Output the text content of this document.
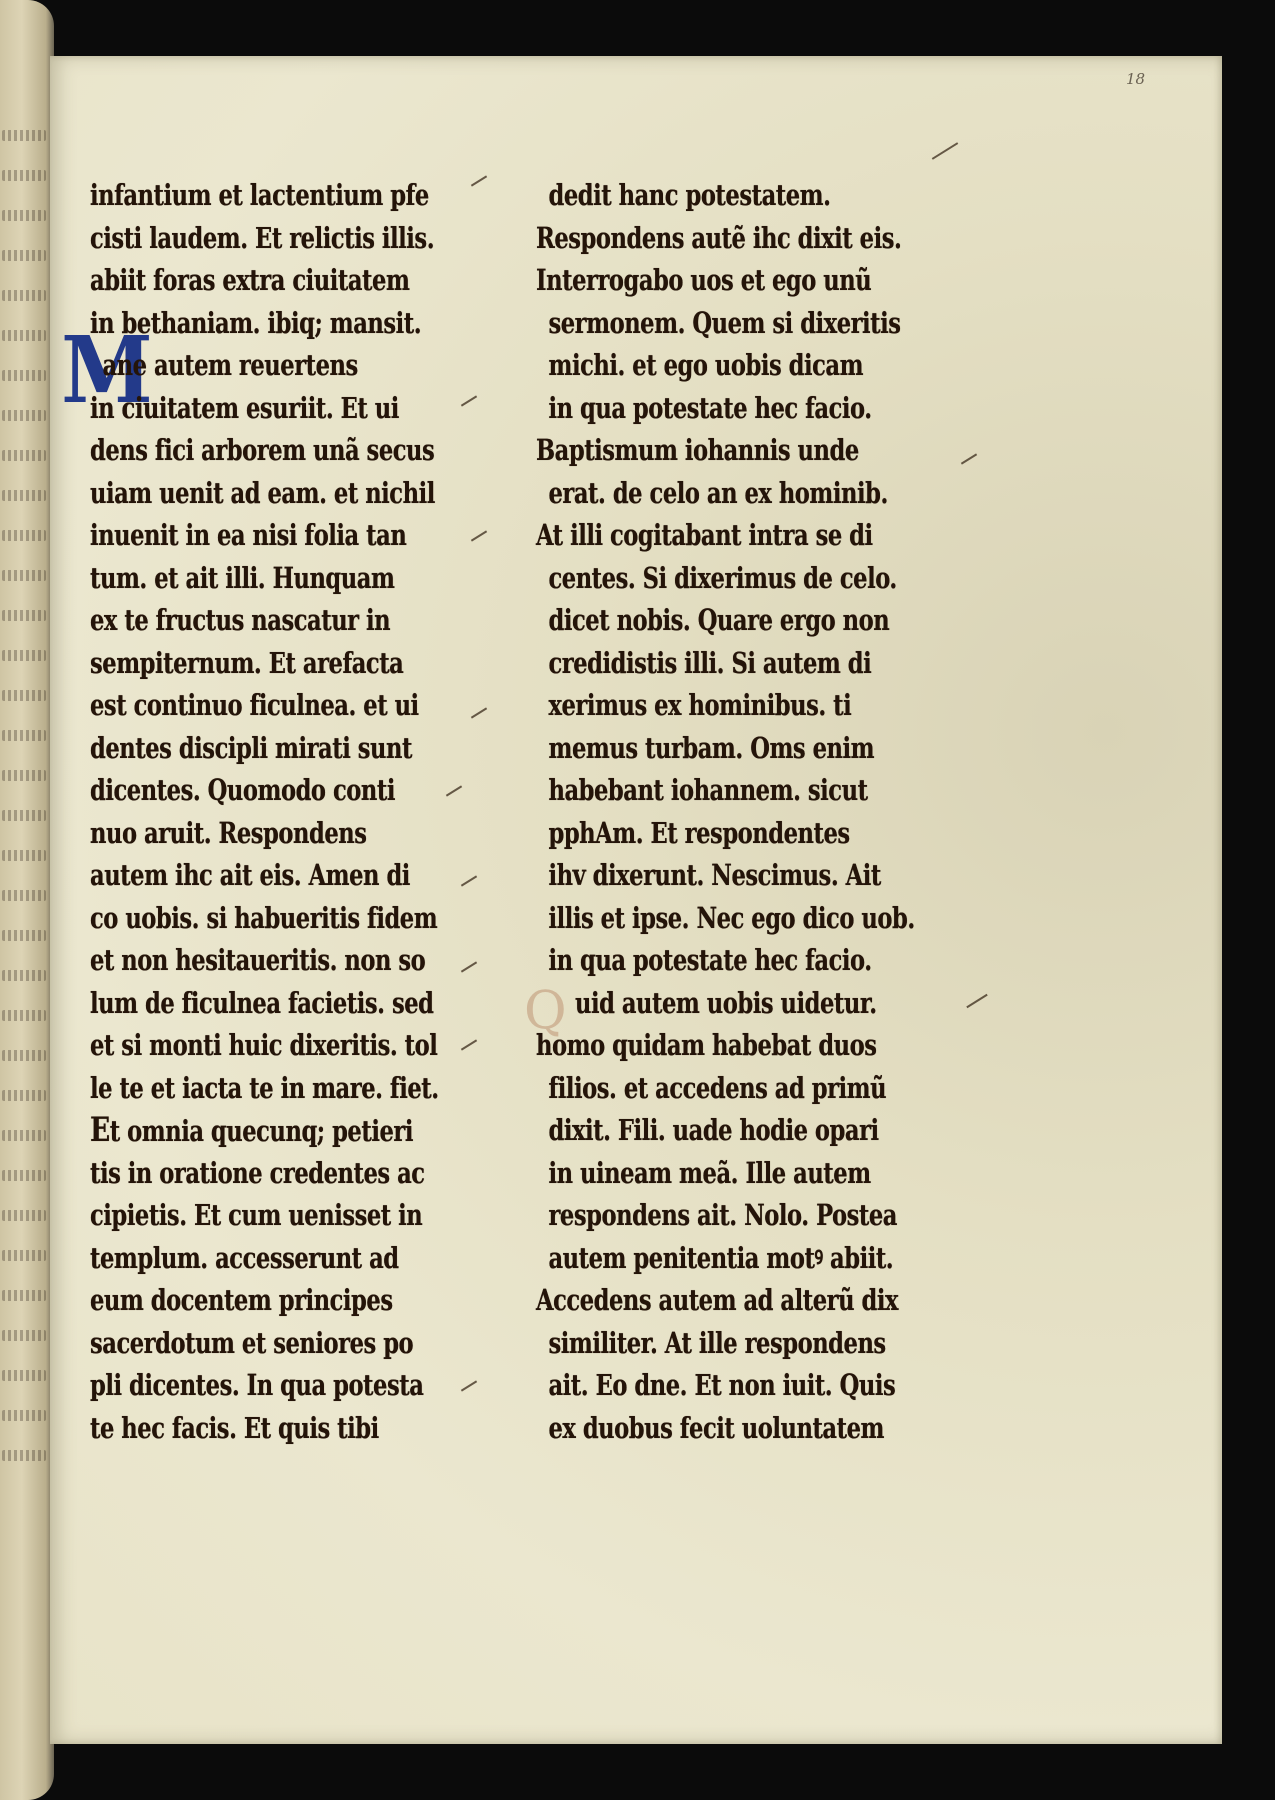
18
M
Q
infantium et lactentium pfe
cisti laudem. Et relictis illis.
abiit foras extra ciuitatem
in bethaniam. ibiq; mansit.
ane autem reuertens
in ciuitatem esuriit. Et ui
dens fici arborem unã secus
uiam uenit ad eam. et nichil
inuenit in ea nisi folia tan
tum. et ait illi. Hunquam
ex te fructus nascatur in
sempiternum. Et arefacta
est continuo ficulnea. et ui
dentes discipli mirati sunt
dicentes. Quomodo conti
nuo aruit. Respondens
autem ihc ait eis. Amen di
co uobis. si habueritis fidem
et non hesitaueritis. non so
lum de ficulnea facietis. sed
et si monti huic dixeritis. tol
le te et iacta te in mare. fiet.
Et omnia quecunq; petieri
tis in oratione credentes ac
cipietis. Et cum uenisset in
templum. accesserunt ad
eum docentem principes
sacerdotum et seniores po
pli dicentes. In qua potesta
te hec facis. Et quis tibi
dedit hanc potestatem.
Respondens autẽ ihc dixit eis.
Interrogabo uos et ego unũ
sermonem. Quem si dixeritis
michi. et ego uobis dicam
in qua potestate hec facio.
Baptismum iohannis unde
erat. de celo an ex hominib.
At illi cogitabant intra se di
centes. Si dixerimus de celo.
dicet nobis. Quare ergo non
credidistis illi. Si autem di
xerimus ex hominibus. ti
memus turbam. Oms enim
habebant iohannem. sicut
pphAm. Et respondentes
ihv dixerunt. Nescimus. Ait
illis et ipse. Nec ego dico uob.
in qua potestate hec facio.
uid autem uobis uidetur.
homo quidam habebat duos
filios. et accedens ad primũ
dixit. Fili. uade hodie opari
in uineam meã. Ille autem
respondens ait. Nolo. Postea
autem penitentia motꝰ abiit.
Accedens autem ad alterũ dix
similiter. At ille respondens
ait. Eo dne. Et non iuit. Quis
ex duobus fecit uoluntatem
